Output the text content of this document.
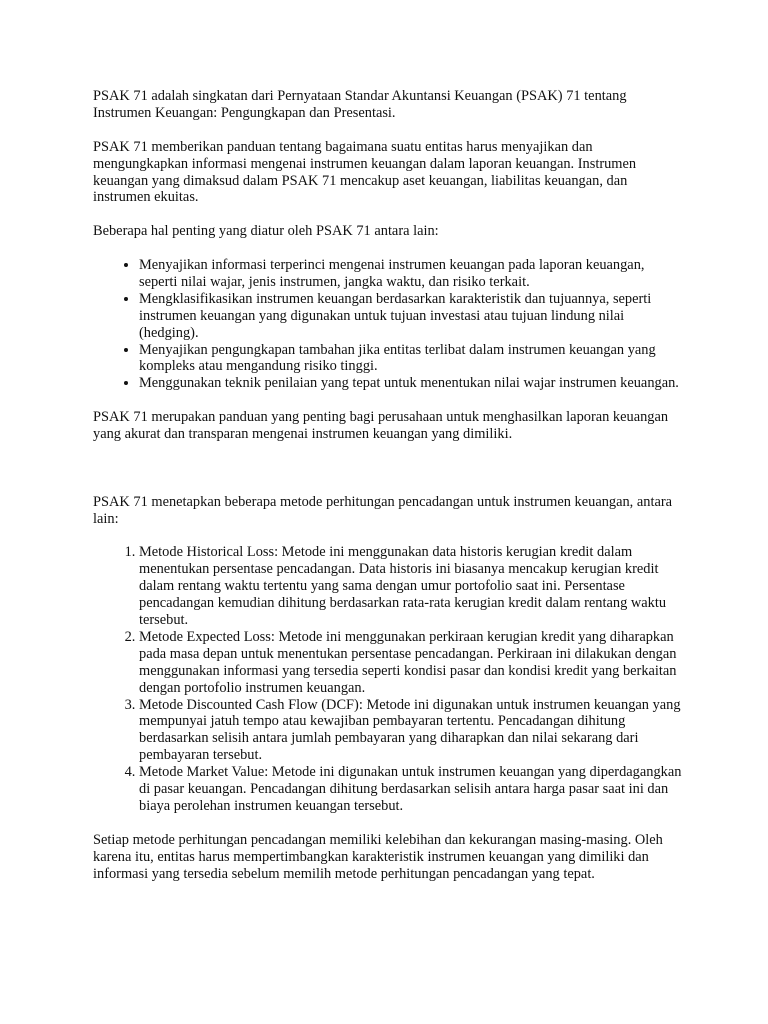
PSAK 71 adalah singkatan dari Pernyataan Standar Akuntansi Keuangan (PSAK) 71 tentang Instrumen Keuangan: Pengungkapan dan Presentasi.

PSAK 71 memberikan panduan tentang bagaimana suatu entitas harus menyajikan dan mengungkapkan informasi mengenai instrumen keuangan dalam laporan keuangan. Instrumen keuangan yang dimaksud dalam PSAK 71 mencakup aset keuangan, liabilitas keuangan, dan instrumen ekuitas.

Beberapa hal penting yang diatur oleh PSAK 71 antara lain:

• Menyajikan informasi terperinci mengenai instrumen keuangan pada laporan keuangan, seperti nilai wajar, jenis instrumen, jangka waktu, dan risiko terkait.
• Mengklasifikasikan instrumen keuangan berdasarkan karakteristik dan tujuannya, seperti instrumen keuangan yang digunakan untuk tujuan investasi atau tujuan lindung nilai (hedging).
• Menyajikan pengungkapan tambahan jika entitas terlibat dalam instrumen keuangan yang kompleks atau mengandung risiko tinggi.
• Menggunakan teknik penilaian yang tepat untuk menentukan nilai wajar instrumen keuangan.

PSAK 71 merupakan panduan yang penting bagi perusahaan untuk menghasilkan laporan keuangan yang akurat dan transparan mengenai instrumen keuangan yang dimiliki.

PSAK 71 menetapkan beberapa metode perhitungan pencadangan untuk instrumen keuangan, antara lain:

1. Metode Historical Loss: Metode ini menggunakan data historis kerugian kredit dalam menentukan persentase pencadangan. Data historis ini biasanya mencakup kerugian kredit dalam rentang waktu tertentu yang sama dengan umur portofolio saat ini. Persentase pencadangan kemudian dihitung berdasarkan rata-rata kerugian kredit dalam rentang waktu tersebut.
2. Metode Expected Loss: Metode ini menggunakan perkiraan kerugian kredit yang diharapkan pada masa depan untuk menentukan persentase pencadangan. Perkiraan ini dilakukan dengan menggunakan informasi yang tersedia seperti kondisi pasar dan kondisi kredit yang berkaitan dengan portofolio instrumen keuangan.
3. Metode Discounted Cash Flow (DCF): Metode ini digunakan untuk instrumen keuangan yang mempunyai jatuh tempo atau kewajiban pembayaran tertentu. Pencadangan dihitung berdasarkan selisih antara jumlah pembayaran yang diharapkan dan nilai sekarang dari pembayaran tersebut.
4. Metode Market Value: Metode ini digunakan untuk instrumen keuangan yang diperdagangkan di pasar keuangan. Pencadangan dihitung berdasarkan selisih antara harga pasar saat ini dan biaya perolehan instrumen keuangan tersebut.

Setiap metode perhitungan pencadangan memiliki kelebihan dan kekurangan masing-masing. Oleh karena itu, entitas harus mempertimbangkan karakteristik instrumen keuangan yang dimiliki dan informasi yang tersedia sebelum memilih metode perhitungan pencadangan yang tepat.
